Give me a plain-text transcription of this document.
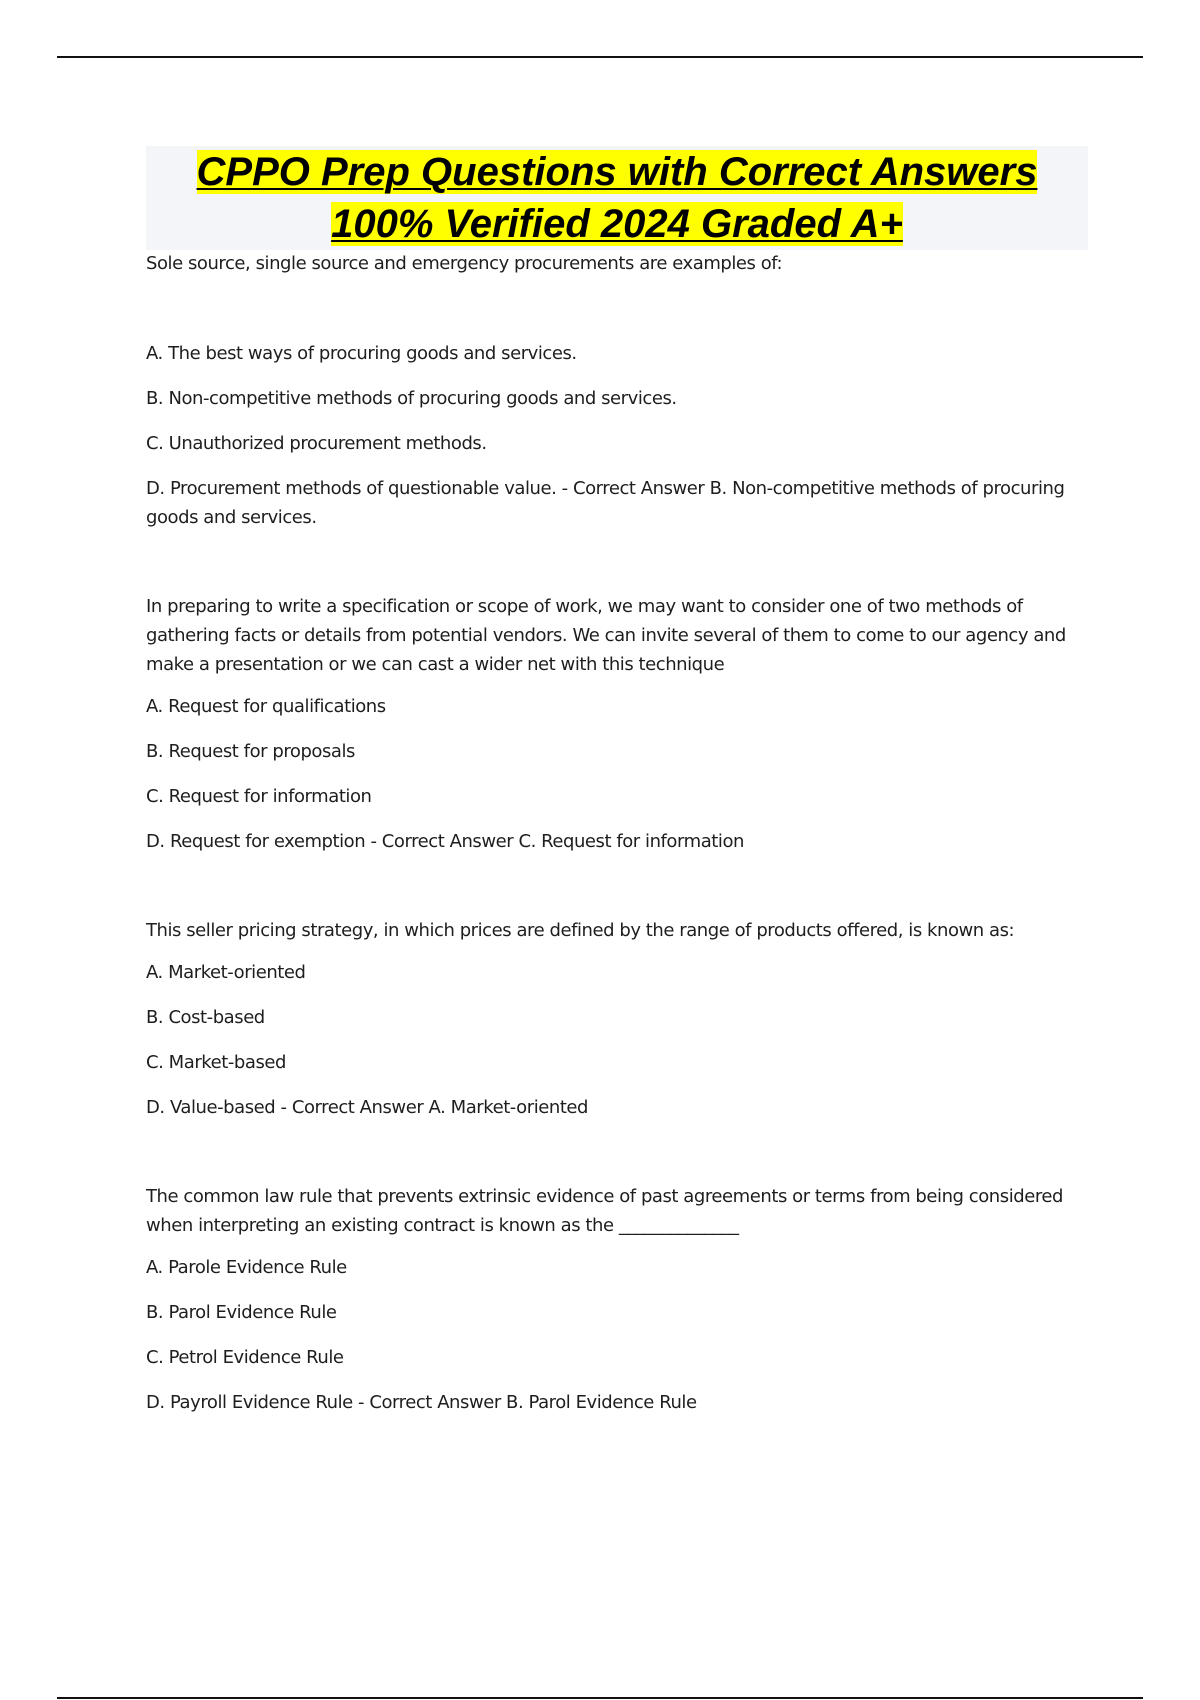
CPPO Prep Questions with Correct Answers
100% Verified 2024 Graded A+

Sole source, single source and emergency procurements are examples of:

A. The best ways of procuring goods and services.

B. Non-competitive methods of procuring goods and services.

C. Unauthorized procurement methods.

D. Procurement methods of questionable value. - Correct Answer B. Non-competitive methods of procuring goods and services.

In preparing to write a specification or scope of work, we may want to consider one of two methods of gathering facts or details from potential vendors. We can invite several of them to come to our agency and make a presentation or we can cast a wider net with this technique

A. Request for qualifications

B. Request for proposals

C. Request for information

D. Request for exemption - Correct Answer C. Request for information

This seller pricing strategy, in which prices are defined by the range of products offered, is known as:

A. Market-oriented

B. Cost-based

C. Market-based

D. Value-based - Correct Answer A. Market-oriented

The common law rule that prevents extrinsic evidence of past agreements or terms from being considered when interpreting an existing contract is known as the ______________

A. Parole Evidence Rule

B. Parol Evidence Rule

C. Petrol Evidence Rule

D. Payroll Evidence Rule - Correct Answer B. Parol Evidence Rule
